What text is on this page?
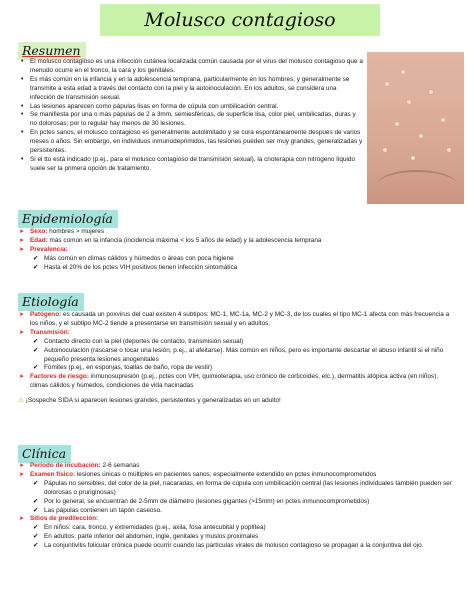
Molusco contagioso
Resumen
• El molusco contagioso es una infección cutánea localizada común causada por el virus del molusco contagioso que a menudo ocurre en el tronco, la cara y los genitales.
• Es más común en la infancia y en la adolescencia temprana, particularmente en los hombres, y generalmente se transmite a esta edad a través del contacto con la piel y la autoinoculación. En los adultos, se considera una infección de transmisión sexual.
• Las lesiones aparecen como pápulas lisas en forma de cúpula con umbilicación central.
• Se manifiesta por una o más pápulas de 2 a 3mm, semiesféricas, de superficie lisa, color piel, umbilicadas, duras y no dolorosas; por lo regular hay menos de 30 lesiones.
• En pctes sanos, el molusco contagioso es generalmente autolimitado y se cura espontáneamente después de varios meses o años. Sin embargo, en individuos inmunodeprimidos, las lesiones pueden ser muy grandes, generalizadas y persistentes.
• Si el tto está indicado (p.ej., para el molusco contagioso de transmisión sexual), la crioterapia con nitrógeno líquido suele ser la primera opción de tratamiento.
Epidemiología
➤ Sexo: hombres > mujeres
➤ Edad: más común en la infancia (incidencia máxima < los 5 años de edad) y la adolescencia temprana
➤ Prevalencia:
✔ Más común en climas cálidos y húmedos o áreas con poca higiene
✔ Hasta el 20% de los pctes VIH positivos tienen infección sintomática
Etiología
➤ Patógeno: es causada un poxvirus del cual existen 4 subtipos: MC-1, MC-1a, MC-2 y MC-3, de los cuales el tipo MC-1 afecta con más frecuencia a los niños, y el subtipo MC-2 tiende a presentarse en transmisión sexual y en adultos.
➤ Transmisión:
✔ Contacto directo con la piel (deportes de contacto, transmisión sexual)
✔ Autoinoculación (rascarse o tocar una lesión, p.ej., al afeitarse). Más común en niños, pero es importante descartar el abuso infantil si el niño pequeño presenta lesiones anogenitales
✔ Fómites (p.ej., en esponjas, toallas de baño, ropa de vestir)
➤ Factores de riesgo: inmunosupresión (p.ej., pctes con VIH, quimioterapia, uso crónico de corticoides, etc.), dermatitis atópica activa (en niños), climas cálidos y húmedos, condiciones de vida hacinadas
⚠ ¡Sospeche SIDA si aparecen lesiones grandes, persistentes y generalizadas en un adulto!
Clínica
➤ Período de incubación: 2-6 semanas
➤ Examen físico: lesiones únicas o múltiples en pacientes sanos; especialmente extendido en pctes inmunocomprometidos
✔ Pápulas no sensibles, del color de la piel, nacaradas, en forma de cúpula con umbilicación central (las lesiones individuales también pueden ser dolorosas o pruriginosas)
✔ Por lo general, se encuentran de 2-5mm de diámetro (lesiones gigantes (>15mm) en pctes inmunocomprometidos)
✔ Las pápulas contienen un tapón caseoso.
➤ Sitios de predilección:
✔ En niños: cara, tronco, y extremidades (p.ej., axila, fosa antecubital y poplítea)
✔ En adultos: parte inferior del abdomen, ingle, genitales y muslos proximales
✔ La conjuntivitis folicular crónica puede ocurrir cuando las partículas virales de molusco contagioso se propagan a la conjuntiva del ojo.
